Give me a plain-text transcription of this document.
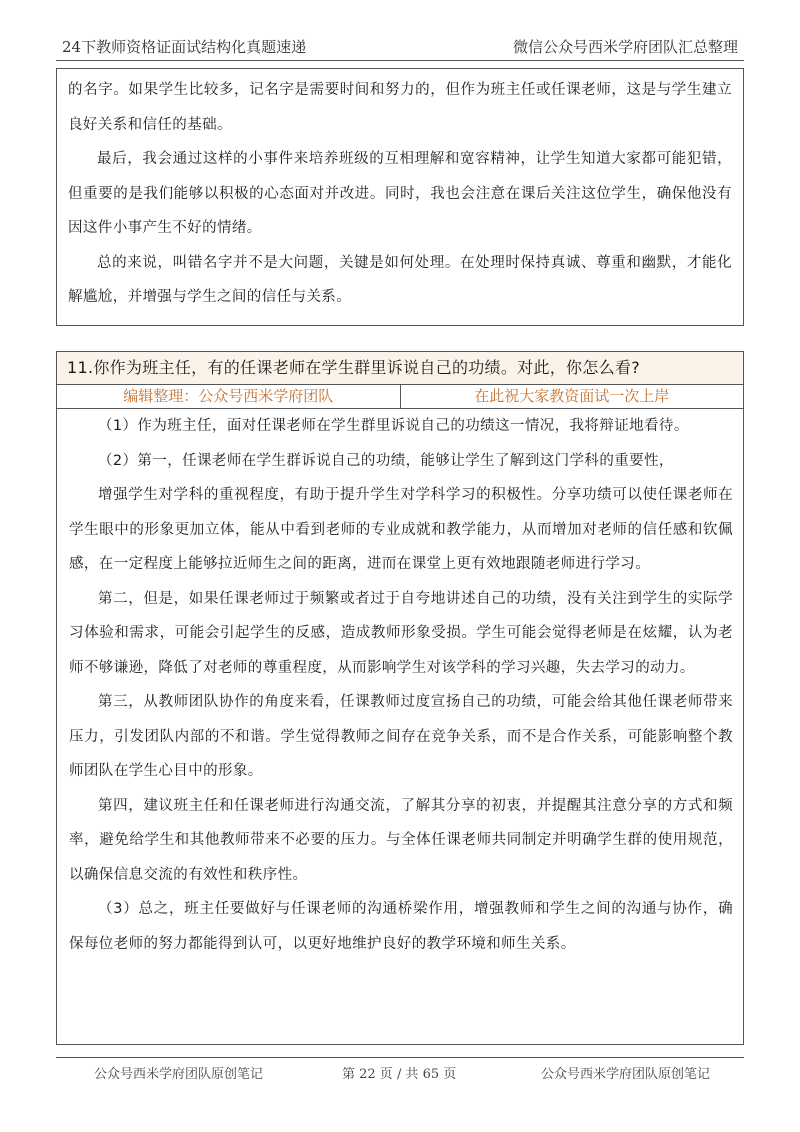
24下教师资格证面试结构化真题速递	微信公众号西米学府团队汇总整理

的名字。如果学生比较多，记名字是需要时间和努力的，但作为班主任或任课老师，这是与学生建立良好关系和信任的基础。

最后，我会通过这样的小事件来培养班级的互相理解和宽容精神，让学生知道大家都可能犯错，但重要的是我们能够以积极的心态面对并改进。同时，我也会注意在课后关注这位学生，确保他没有因这件小事产生不好的情绪。

总的来说，叫错名字并不是大问题，关键是如何处理。在处理时保持真诚、尊重和幽默，才能化解尴尬，并增强与学生之间的信任与关系。

11.你作为班主任，有的任课老师在学生群里诉说自己的功绩。对此，你怎么看?
编辑整理：公众号西米学府团队	在此祝大家教资面试一次上岸

（1）作为班主任，面对任课老师在学生群里诉说自己的功绩这一情况，我将辩证地看待。

（2）第一，任课老师在学生群诉说自己的功绩，能够让学生了解到这门学科的重要性，

增强学生对学科的重视程度，有助于提升学生对学科学习的积极性。分享功绩可以使任课老师在学生眼中的形象更加立体，能从中看到老师的专业成就和教学能力，从而增加对老师的信任感和钦佩感，在一定程度上能够拉近师生之间的距离，进而在课堂上更有效地跟随老师进行学习。

第二，但是，如果任课老师过于频繁或者过于自夸地讲述自己的功绩，没有关注到学生的实际学习体验和需求，可能会引起学生的反感，造成教师形象受损。学生可能会觉得老师是在炫耀，认为老师不够谦逊，降低了对老师的尊重程度，从而影响学生对该学科的学习兴趣，失去学习的动力。

第三，从教师团队协作的角度来看，任课教师过度宣扬自己的功绩，可能会给其他任课老师带来压力，引发团队内部的不和谐。学生觉得教师之间存在竞争关系，而不是合作关系，可能影响整个教师团队在学生心目中的形象。

第四，建议班主任和任课老师进行沟通交流，了解其分享的初衷，并提醒其注意分享的方式和频率，避免给学生和其他教师带来不必要的压力。与全体任课老师共同制定并明确学生群的使用规范，以确保信息交流的有效性和秩序性。

（3）总之，班主任要做好与任课老师的沟通桥梁作用，增强教师和学生之间的沟通与协作，确保每位老师的努力都能得到认可，以更好地维护良好的教学环境和师生关系。

公众号西米学府团队原创笔记	第 22 页 / 共 65 页	公众号西米学府团队原创笔记
